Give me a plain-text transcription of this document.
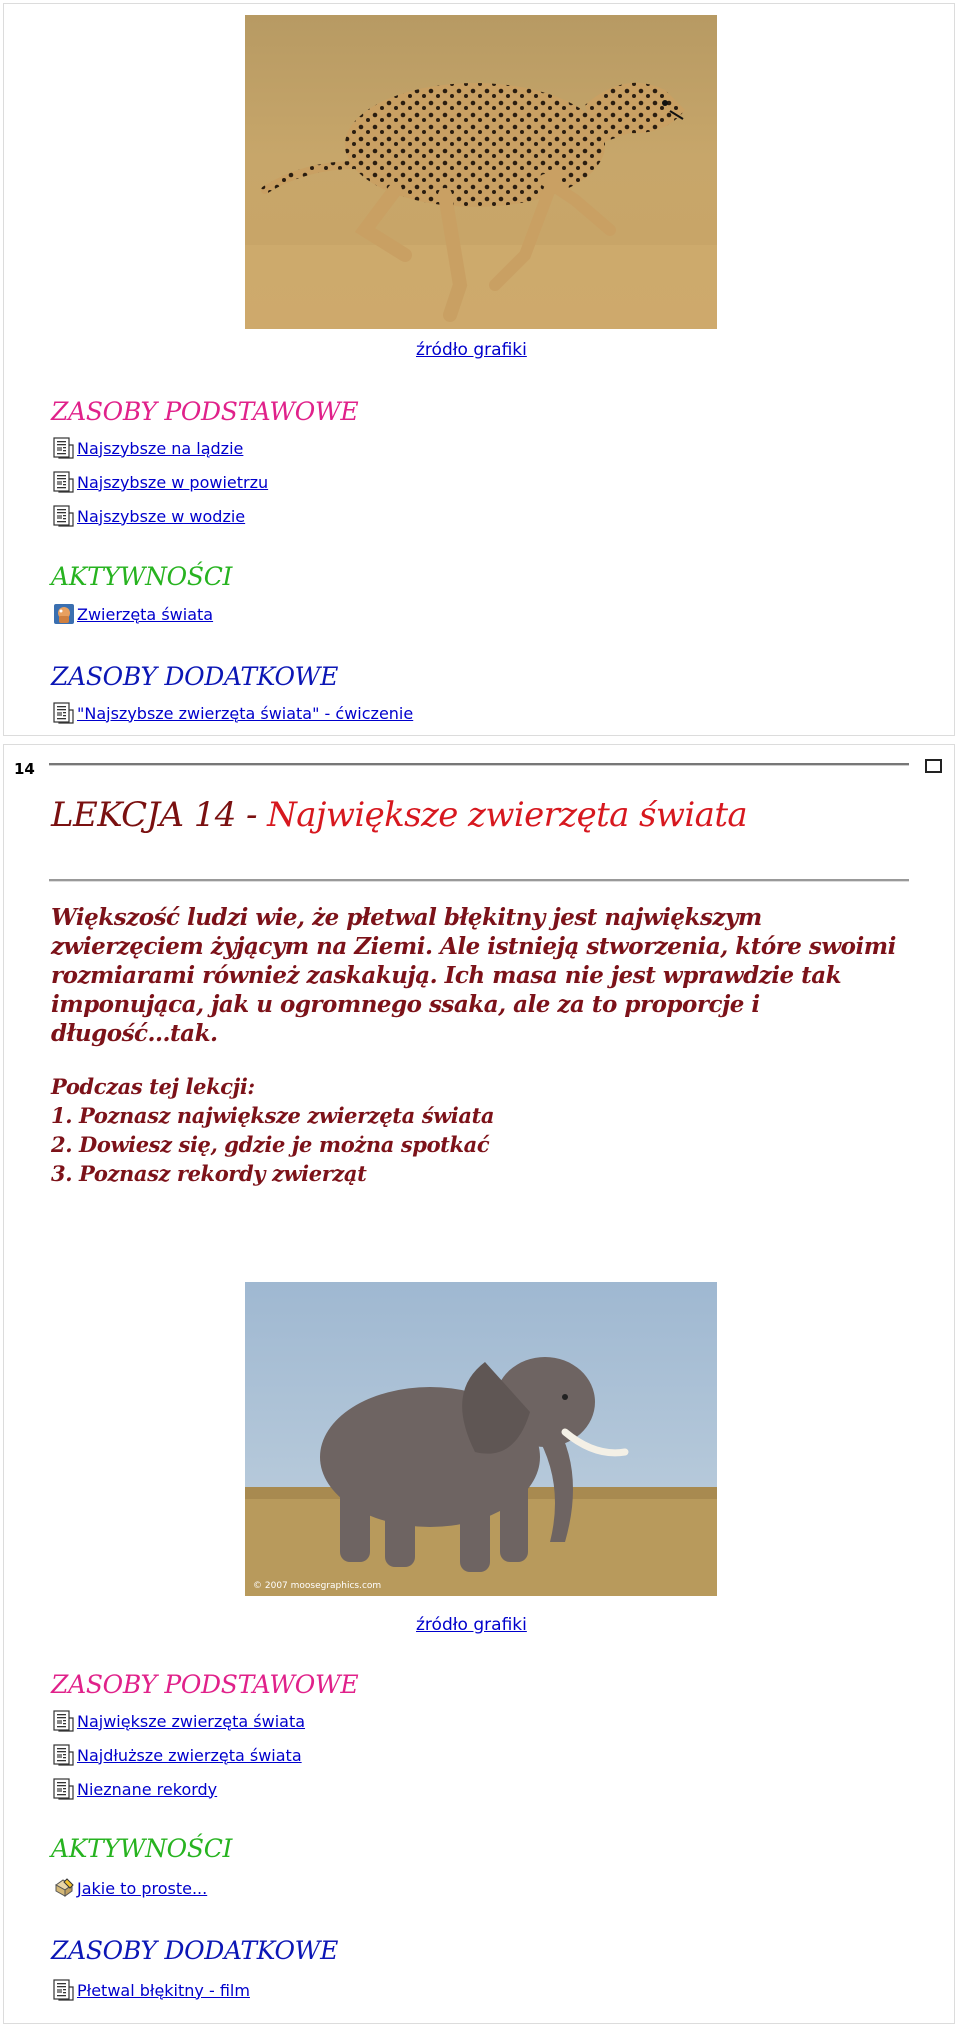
źródło grafiki
ZASOBY PODSTAWOWE
Najszybsze na lądzie
Najszybsze w powietrzu
Najszybsze w wodzie
AKTYWNOŚCI
Zwierzęta świata
ZASOBY DODATKOWE
"Najszybsze zwierzęta świata" - ćwiczenie
14
LEKCJA 14 - Największe zwierzęta świata

Większość ludzi wie, że płetwal błękitny jest największym zwierzęciem żyjącym na Ziemi. Ale istnieją stworzenia, które swoimi rozmiarami również zaskakują. Ich masa nie jest wprawdzie tak imponująca, jak u ogromnego ssaka, ale za to proporcje i długość...tak.

Podczas tej lekcji:
1. Poznasz największe zwierzęta świata
2. Dowiesz się, gdzie je można spotkać
3. Poznasz rekordy zwierząt
© 2007 moosegraphics.com
źródło grafiki
ZASOBY PODSTAWOWE
Największe zwierzęta świata
Najdłuższe zwierzęta świata
Nieznane rekordy
AKTYWNOŚCI
Jakie to proste...
ZASOBY DODATKOWE
Płetwal błękitny - film
